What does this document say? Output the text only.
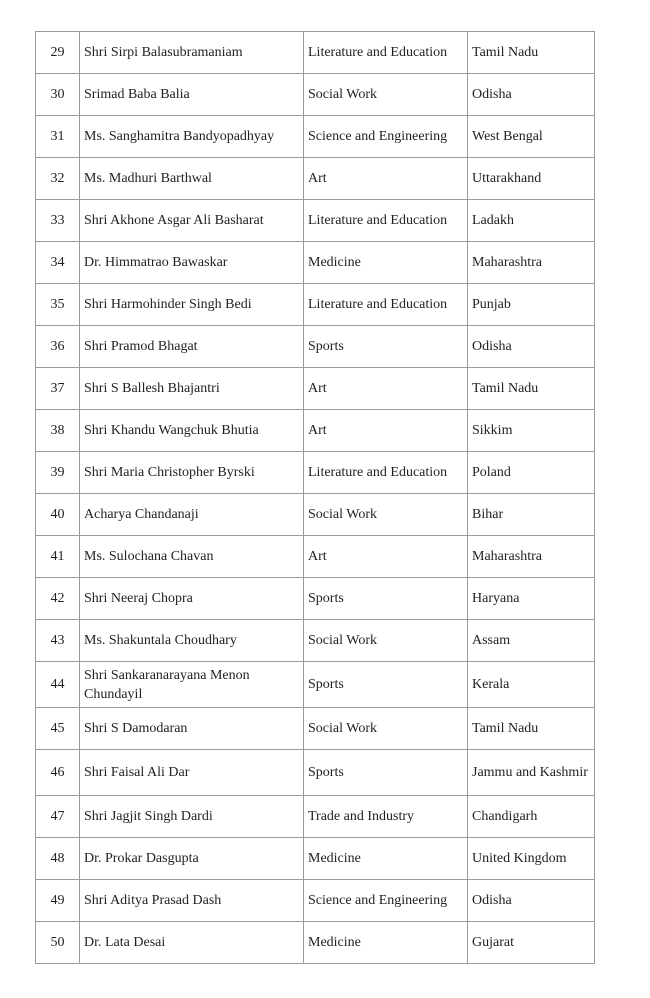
29	Shri Sirpi Balasubramaniam	Literature and Education	Tamil Nadu
30	Srimad Baba Balia	Social Work	Odisha
31	Ms. Sanghamitra Bandyopadhyay	Science and Engineering	West Bengal
32	Ms. Madhuri Barthwal	Art	Uttarakhand
33	Shri Akhone Asgar Ali Basharat	Literature and Education	Ladakh
34	Dr. Himmatrao Bawaskar	Medicine	Maharashtra
35	Shri Harmohinder Singh Bedi	Literature and Education	Punjab
36	Shri Pramod Bhagat	Sports	Odisha
37	Shri S Ballesh Bhajantri	Art	Tamil Nadu
38	Shri Khandu Wangchuk Bhutia	Art	Sikkim
39	Shri Maria Christopher Byrski	Literature and Education	Poland
40	Acharya Chandanaji	Social Work	Bihar
41	Ms. Sulochana Chavan	Art	Maharashtra
42	Shri Neeraj Chopra	Sports	Haryana
43	Ms. Shakuntala Choudhary	Social Work	Assam
44	Shri Sankaranarayana Menon Chundayil	Sports	Kerala
45	Shri S Damodaran	Social Work	Tamil Nadu
46	Shri Faisal Ali Dar	Sports	Jammu and Kashmir
47	Shri Jagjit Singh Dardi	Trade and Industry	Chandigarh
48	Dr. Prokar Dasgupta	Medicine	United Kingdom
49	Shri Aditya Prasad Dash	Science and Engineering	Odisha
50	Dr. Lata Desai	Medicine	Gujarat
